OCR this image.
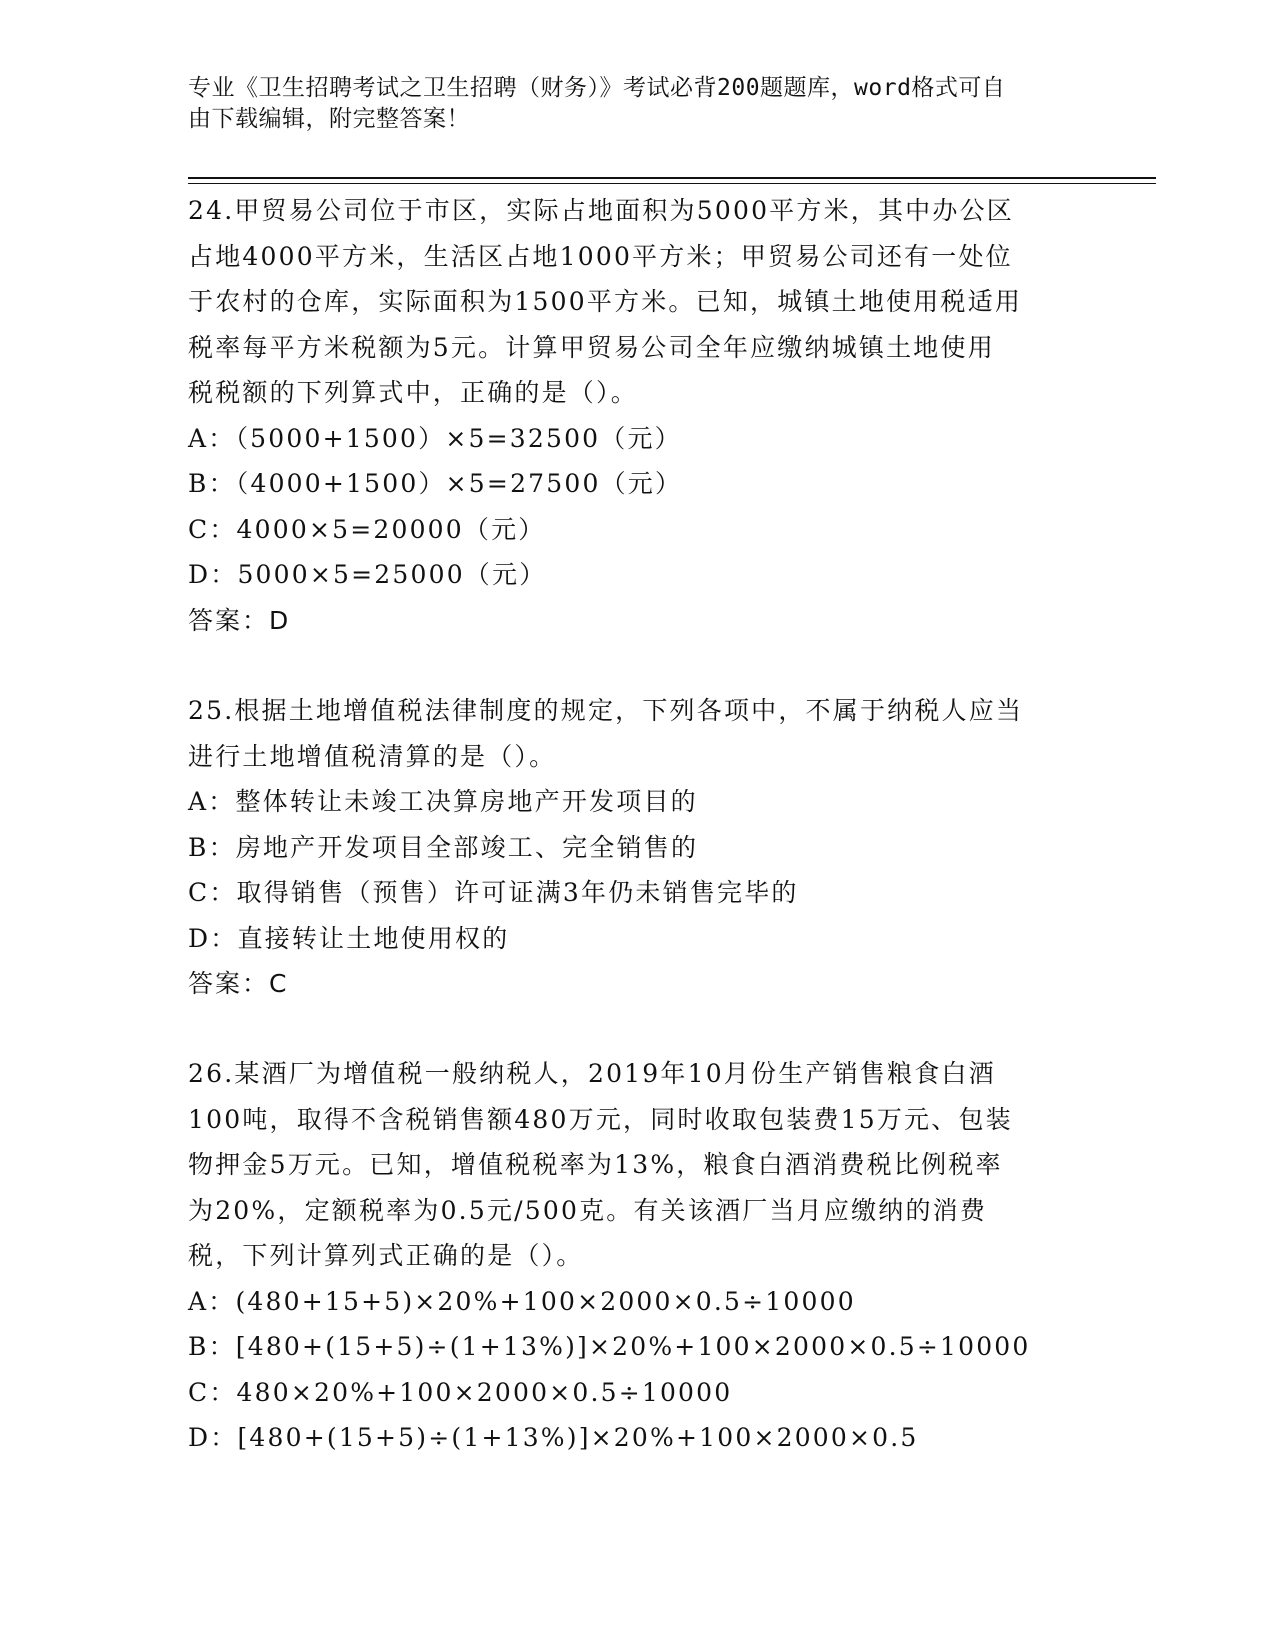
专业《卫生招聘考试之卫生招聘（财务）》考试必背200题题库，word格式可自
由下载编辑，附完整答案！
24.甲贸易公司位于市区，实际占地面积为5000平方米，其中办公区
占地4000平方米，生活区占地1000平方米；甲贸易公司还有一处位
于农村的仓库，实际面积为1500平方米。已知，城镇土地使用税适用
税率每平方米税额为5元。计算甲贸易公司全年应缴纳城镇土地使用
税税额的下列算式中，正确的是（）。
A：（5000+1500）×5=32500（元）
B：（4000+1500）×5=27500（元）
C：4000×5=20000（元）
D：5000×5=25000（元）
答案：D
25.根据土地增值税法律制度的规定，下列各项中，不属于纳税人应当
进行土地增值税清算的是（）。
A：整体转让未竣工决算房地产开发项目的
B：房地产开发项目全部竣工、完全销售的
C：取得销售（预售）许可证满3年仍未销售完毕的
D：直接转让土地使用权的
答案：C
26.某酒厂为增值税一般纳税人，2019年10月份生产销售粮食白酒
100吨，取得不含税销售额480万元，同时收取包装费15万元、包装
物押金5万元。已知，增值税税率为13%，粮食白酒消费税比例税率
为20%，定额税率为0.5元/500克。有关该酒厂当月应缴纳的消费
税，下列计算列式正确的是（）。
A：(480+15+5)×20%+100×2000×0.5÷10000
B：[480+(15+5)÷(1+13%)]×20%+100×2000×0.5÷10000
C：480×20%+100×2000×0.5÷10000
D：[480+(15+5)÷(1+13%)]×20%+100×2000×0.5
